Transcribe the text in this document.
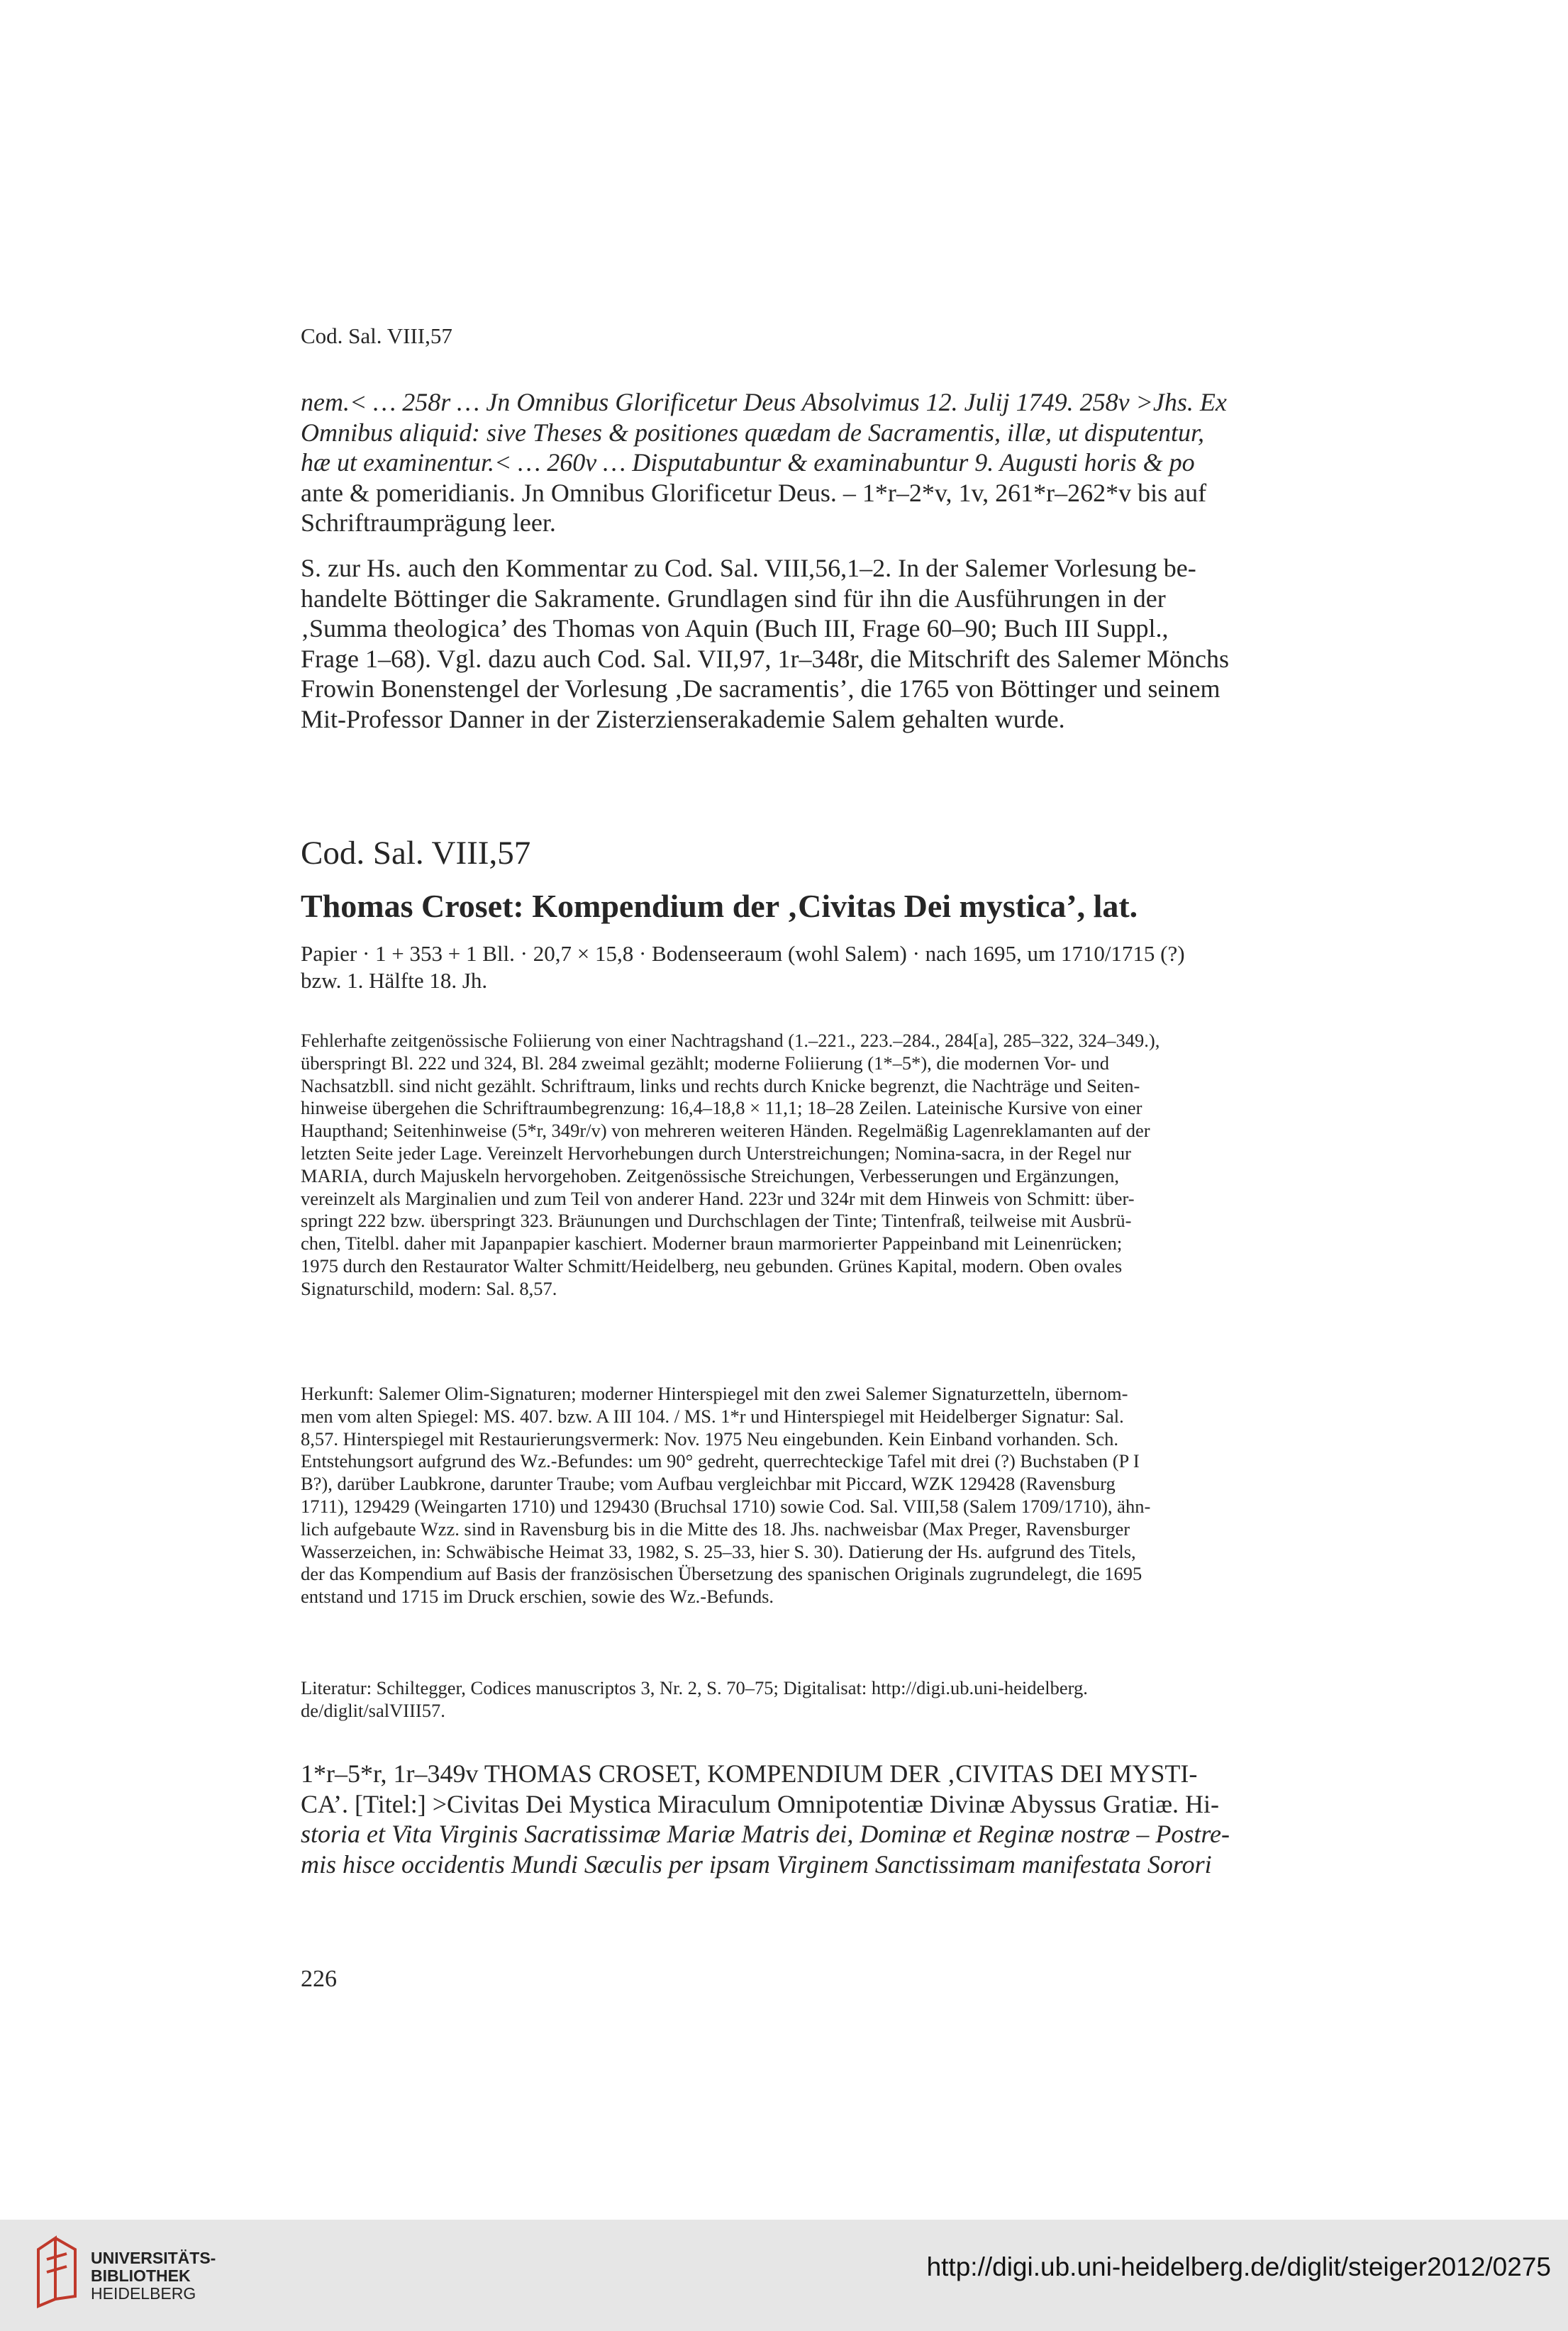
Cod. Sal. VIII,57
nem.< … 258r … Jn Omnibus Glorificetur Deus Absolvimus 12. Julij 1749. 258v >Jhs. Ex
Omnibus aliquid: sive Theses & positiones quædam de Sacramentis, illæ, ut disputentur,
hæ ut examinentur.< … 260v … Disputabuntur & examinabuntur 9. Augusti horis & po
ante & pomeridianis. Jn Omnibus Glorificetur Deus. – 1*r–2*v, 1v, 261*r–262*v bis auf
Schriftraumprägung leer.
S. zur Hs. auch den Kommentar zu Cod. Sal. VIII,56,1–2. In der Salemer Vorlesung be-
handelte Böttinger die Sakramente. Grundlagen sind für ihn die Ausführungen in der
‚Summa theologica’ des Thomas von Aquin (Buch III, Frage 60–90; Buch III Suppl.,
Frage 1–68). Vgl. dazu auch Cod. Sal. VII,97, 1r–348r, die Mitschrift des Salemer Mönchs
Frowin Bonenstengel der Vorlesung ‚De sacramentis’, die 1765 von Böttinger und seinem
Mit-Professor Danner in der Zisterzienserakademie Salem gehalten wurde.
Cod. Sal. VIII,57
Thomas Croset: Kompendium der ‚Civitas Dei mystica’, lat.
Papier · 1 + 353 + 1 Bll. · 20,7 × 15,8 · Bodenseeraum (wohl Salem) · nach 1695, um 1710/1715 (?)
bzw. 1. Hälfte 18. Jh.
Fehlerhafte zeitgenössische Foliierung von einer Nachtragshand (1.–221., 223.–284., 284[a], 285–322, 324–349.),
überspringt Bl. 222 und 324, Bl. 284 zweimal gezählt; moderne Foliierung (1*–5*), die modernen Vor- und
Nachsatzbll. sind nicht gezählt. Schriftraum, links und rechts durch Knicke begrenzt, die Nachträge und Seiten-
hinweise übergehen die Schriftraumbegrenzung: 16,4–18,8 × 11,1; 18–28 Zeilen. Lateinische Kursive von einer
Haupthand; Seitenhinweise (5*r, 349r/v) von mehreren weiteren Händen. Regelmäßig Lagenreklamanten auf der
letzten Seite jeder Lage. Vereinzelt Hervorhebungen durch Unterstreichungen; Nomina-sacra, in der Regel nur
MARIA, durch Majuskeln hervorgehoben. Zeitgenössische Streichungen, Verbesserungen und Ergänzungen,
vereinzelt als Marginalien und zum Teil von anderer Hand. 223r und 324r mit dem Hinweis von Schmitt: über-
springt 222 bzw. überspringt 323. Bräunungen und Durchschlagen der Tinte; Tintenfraß, teilweise mit Ausbrü-
chen, Titelbl. daher mit Japanpapier kaschiert. Moderner braun marmorierter Pappeinband mit Leinenrücken;
1975 durch den Restaurator Walter Schmitt/Heidelberg, neu gebunden. Grünes Kapital, modern. Oben ovales
Signaturschild, modern: Sal. 8,57.
Herkunft: Salemer Olim-Signaturen; moderner Hinterspiegel mit den zwei Salemer Signaturzetteln, übernom-
men vom alten Spiegel: MS. 407. bzw. A III 104. / MS. 1*r und Hinterspiegel mit Heidelberger Signatur: Sal.
8,57. Hinterspiegel mit Restaurierungsvermerk: Nov. 1975 Neu eingebunden. Kein Einband vorhanden. Sch.
Entstehungsort aufgrund des Wz.-Befundes: um 90° gedreht, querrechteckige Tafel mit drei (?) Buchstaben (P I
B?), darüber Laubkrone, darunter Traube; vom Aufbau vergleichbar mit Piccard, WZK 129428 (Ravensburg
1711), 129429 (Weingarten 1710) und 129430 (Bruchsal 1710) sowie Cod. Sal. VIII,58 (Salem 1709/1710), ähn-
lich aufgebaute Wzz. sind in Ravensburg bis in die Mitte des 18. Jhs. nachweisbar (Max Preger, Ravensburger
Wasserzeichen, in: Schwäbische Heimat 33, 1982, S. 25–33, hier S. 30). Datierung der Hs. aufgrund des Titels,
der das Kompendium auf Basis der französischen Übersetzung des spanischen Originals zugrundelegt, die 1695
entstand und 1715 im Druck erschien, sowie des Wz.-Befunds.
Literatur: Schiltegger, Codices manuscriptos 3, Nr. 2, S. 70–75; Digitalisat: http://digi.ub.uni-heidelberg.
de/diglit/salVIII57.
1*r–5*r, 1r–349v THOMAS CROSET, KOMPENDIUM DER ‚CIVITAS DEI MYSTI-
CA’. [Titel:] >Civitas Dei Mystica Miraculum Omnipotentiæ Divinæ Abyssus Gratiæ. Hi-
storia et Vita Virginis Sacratissimæ Mariæ Matris dei, Dominæ et Reginæ nostræ – Postre-
mis hisce occidentis Mundi Sæculis per ipsam Virginem Sanctissimam manifestata Sorori
226
UNIVERSITÄTS-
BIBLIOTHEK
HEIDELBERG
http://digi.ub.uni-heidelberg.de/diglit/steiger2012/0275
